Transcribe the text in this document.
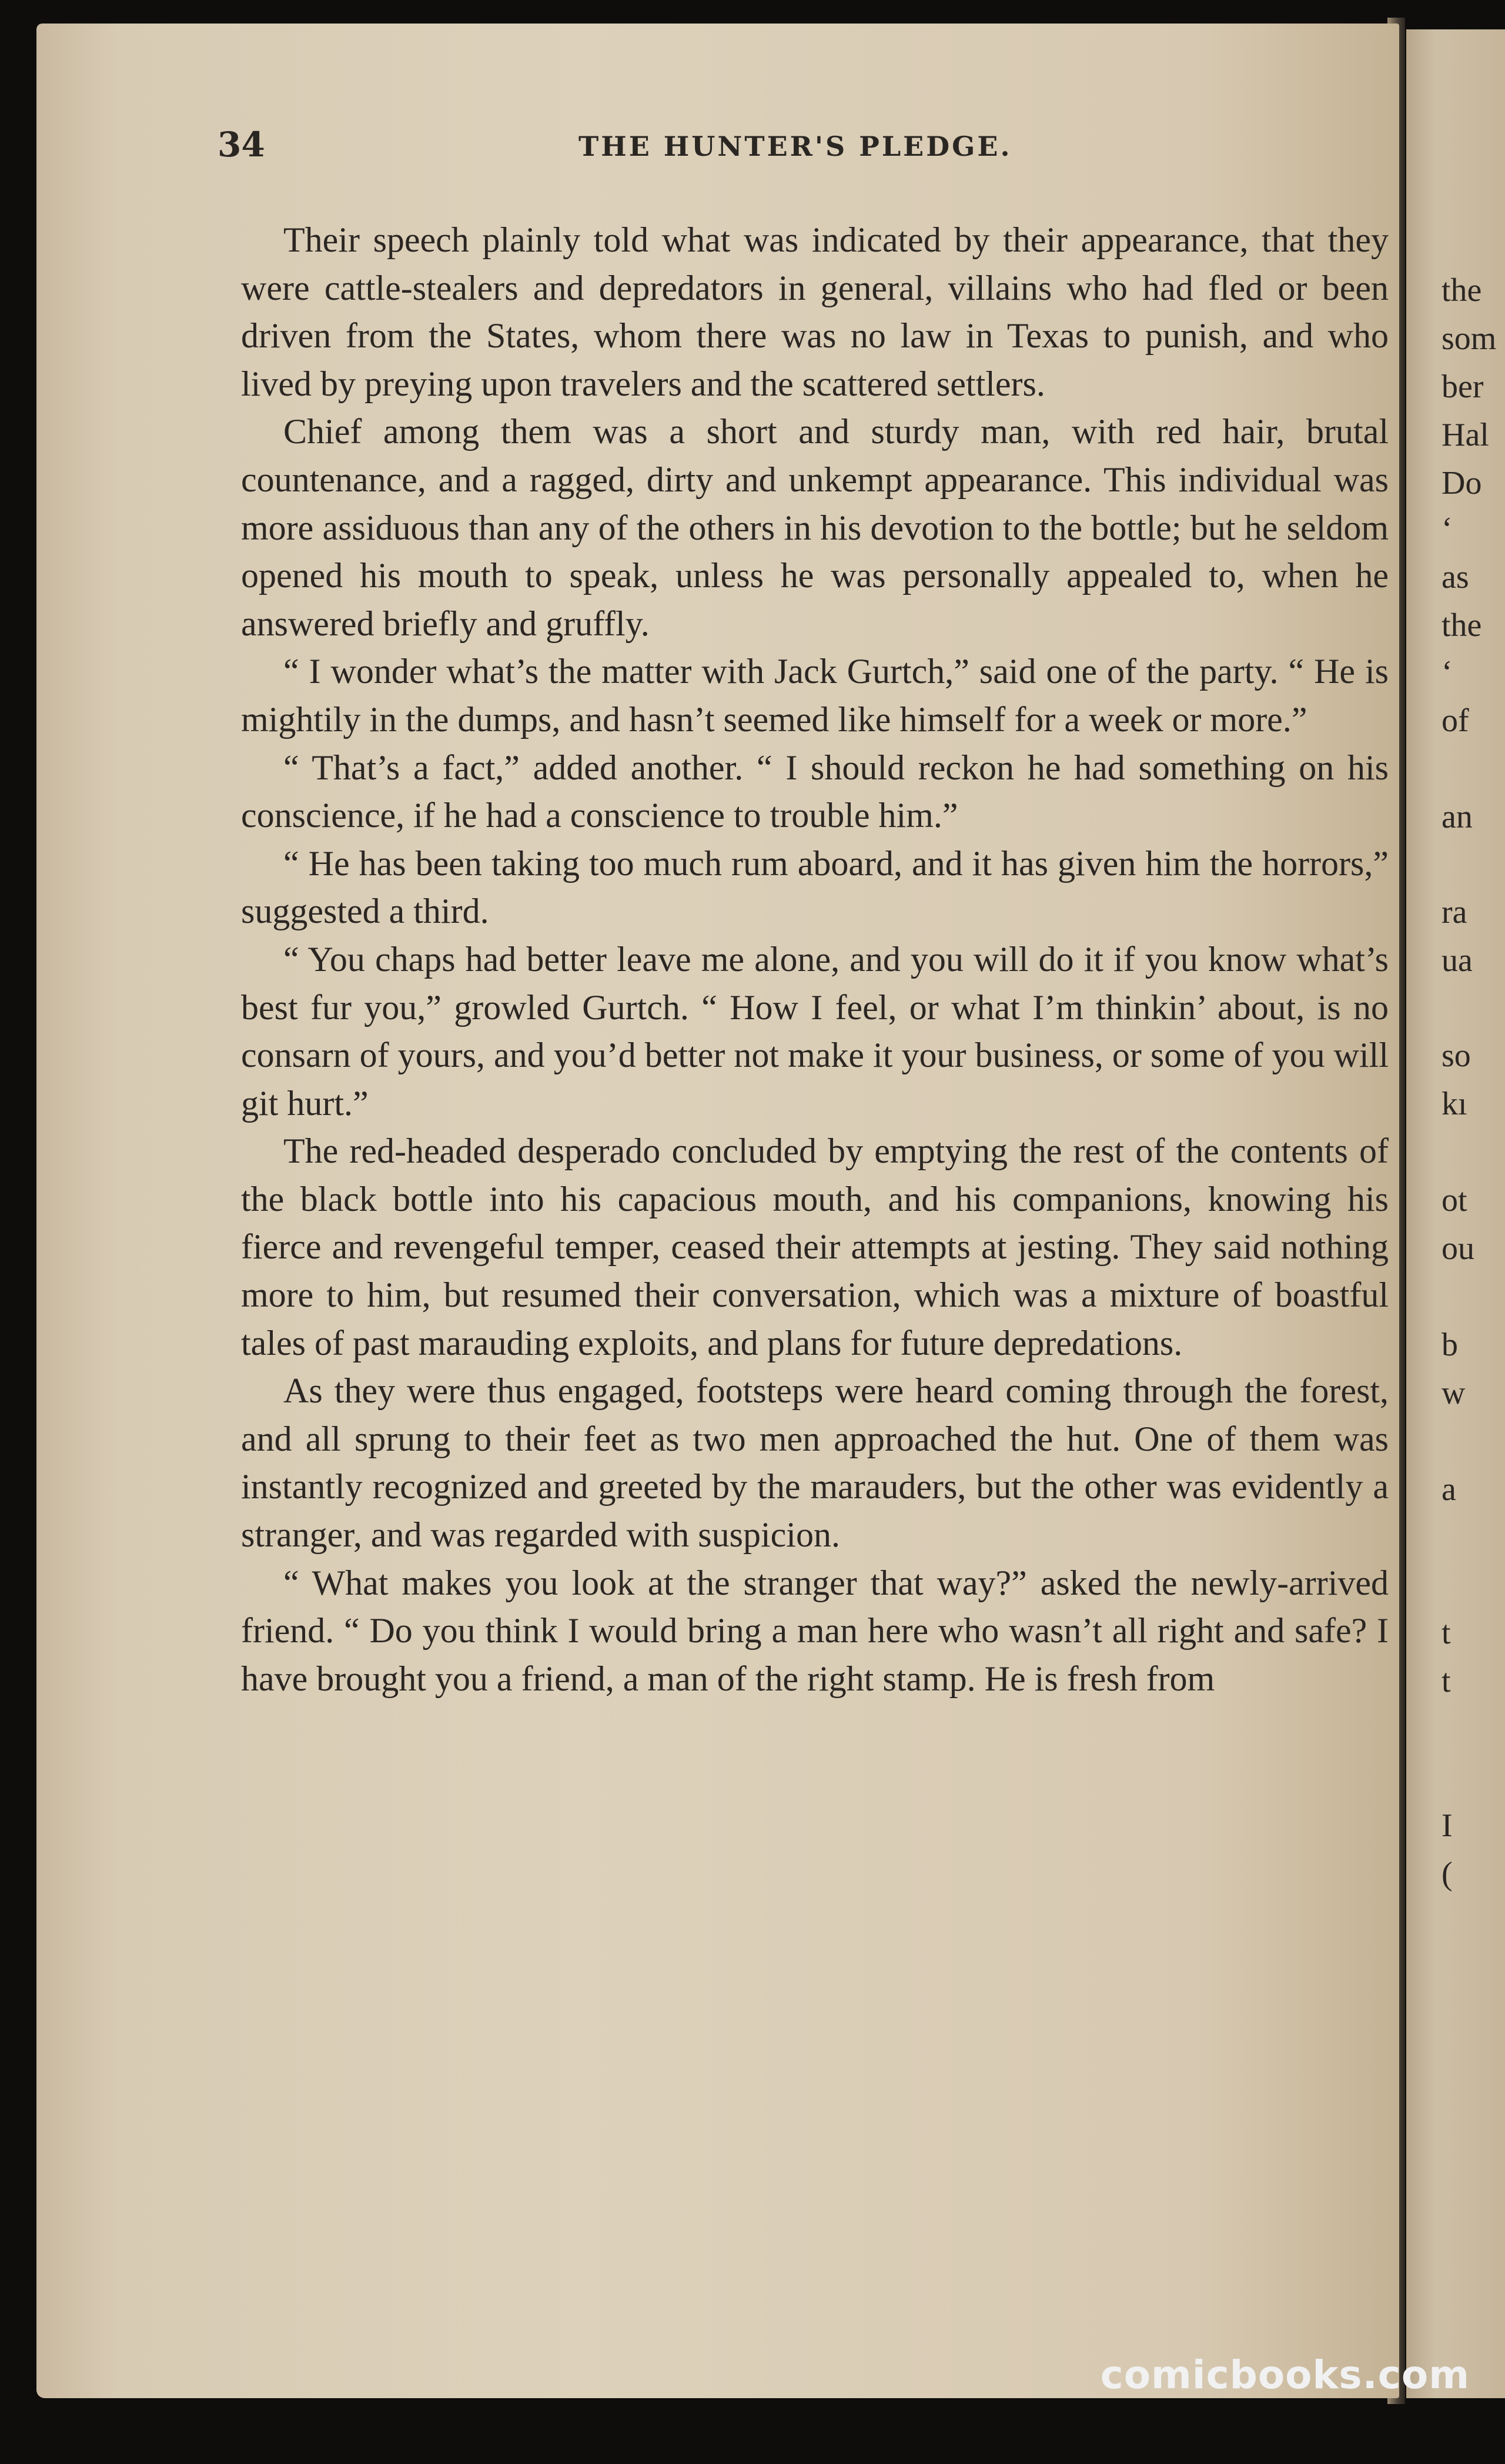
34	THE HUNTER'S PLEDGE.

Their speech plainly told what was indicated by their appearance, that they were cattle-stealers and depredators in general, villains who had fled or been driven from the States, whom there was no law in Texas to punish, and who lived by preying upon travelers and the scattered settlers.

Chief among them was a short and sturdy man, with red hair, brutal countenance, and a ragged, dirty and unkempt appearance. This individual was more assiduous than any of the others in his devotion to the bottle; but he seldom opened his mouth to speak, unless he was personally appealed to, when he answered briefly and gruffly.

“ I wonder what’s the matter with Jack Gurtch,” said one of the party. “ He is mightily in the dumps, and hasn’t seemed like himself for a week or more.”

“ That’s a fact,” added another. “ I should reckon he had something on his conscience, if he had a conscience to trouble him.”

“ He has been taking too much rum aboard, and it has given him the horrors,” suggested a third.

“ You chaps had better leave me alone, and you will do it if you know what’s best fur you,” growled Gurtch. “ How I feel, or what I’m thinkin’ about, is no consarn of yours, and you’d better not make it your business, or some of you will git hurt.”

The red-headed desperado concluded by emptying the rest of the contents of the black bottle into his capacious mouth, and his companions, knowing his fierce and revengeful temper, ceased their attempts at jesting. They said nothing more to him, but resumed their conversation, which was a mixture of boastful tales of past marauding exploits, and plans for future depredations.

As they were thus engaged, footsteps were heard coming through the forest, and all sprung to their feet as two men approached the hut. One of them was instantly recognized and greeted by the marauders, but the other was evidently a stranger, and was regarded with suspicion.

“ What makes you look at the stranger that way?” asked the newly-arrived friend. “ Do you think I would bring a man here who wasn’t all right and safe? I have brought you a friend, a man of the right stamp. He is fresh from

the
som
ber
Hal
Do
‘
as
the
‘
of
an
ra
ua
so
kı
ot
ou
b
w
a
t
t
I
(
comicbooks.com
